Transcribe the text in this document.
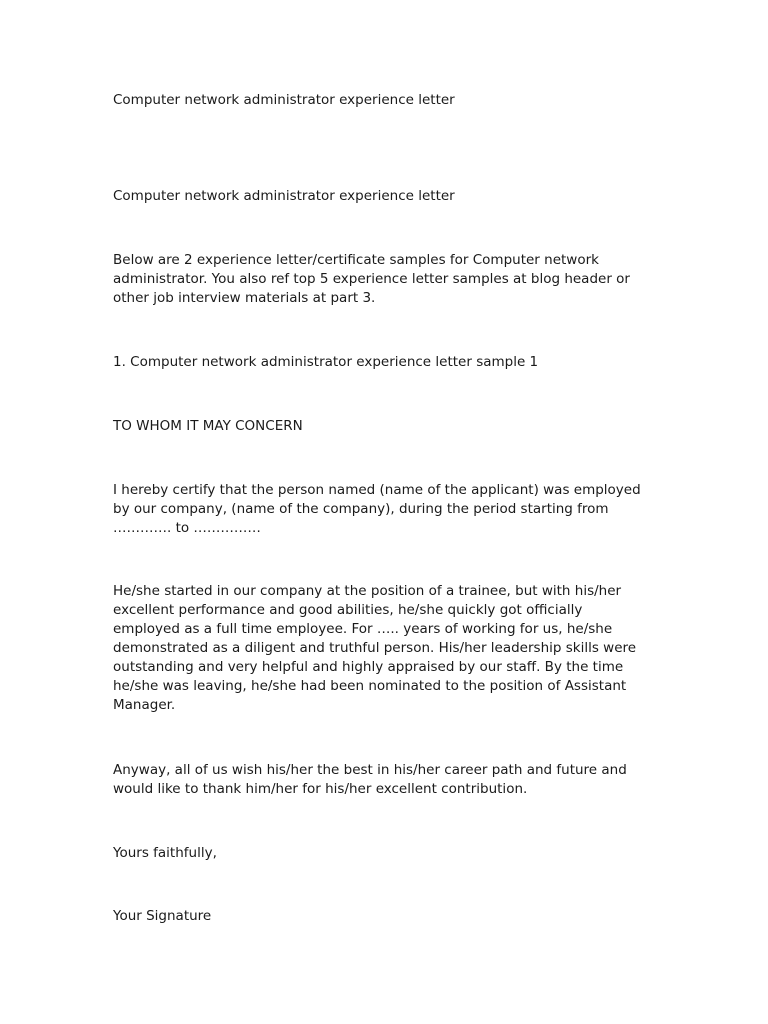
Computer network administrator experience letter

Computer network administrator experience letter

Below are 2 experience letter/certificate samples for Computer network
administrator. You also ref top 5 experience letter samples at blog header or
other job interview materials at part 3.

1. Computer network administrator experience letter sample 1

TO WHOM IT MAY CONCERN

I hereby certify that the person named (name of the applicant) was employed
by our company, (name of the company), during the period starting from
…………. to ……………

He/she started in our company at the position of a trainee, but with his/her
excellent performance and good abilities, he/she quickly got officially
employed as a full time employee. For ….. years of working for us, he/she
demonstrated as a diligent and truthful person. His/her leadership skills were
outstanding and very helpful and highly appraised by our staff. By the time
he/she was leaving, he/she had been nominated to the position of Assistant
Manager.

Anyway, all of us wish his/her the best in his/her career path and future and
would like to thank him/her for his/her excellent contribution.

Yours faithfully,

Your Signature
